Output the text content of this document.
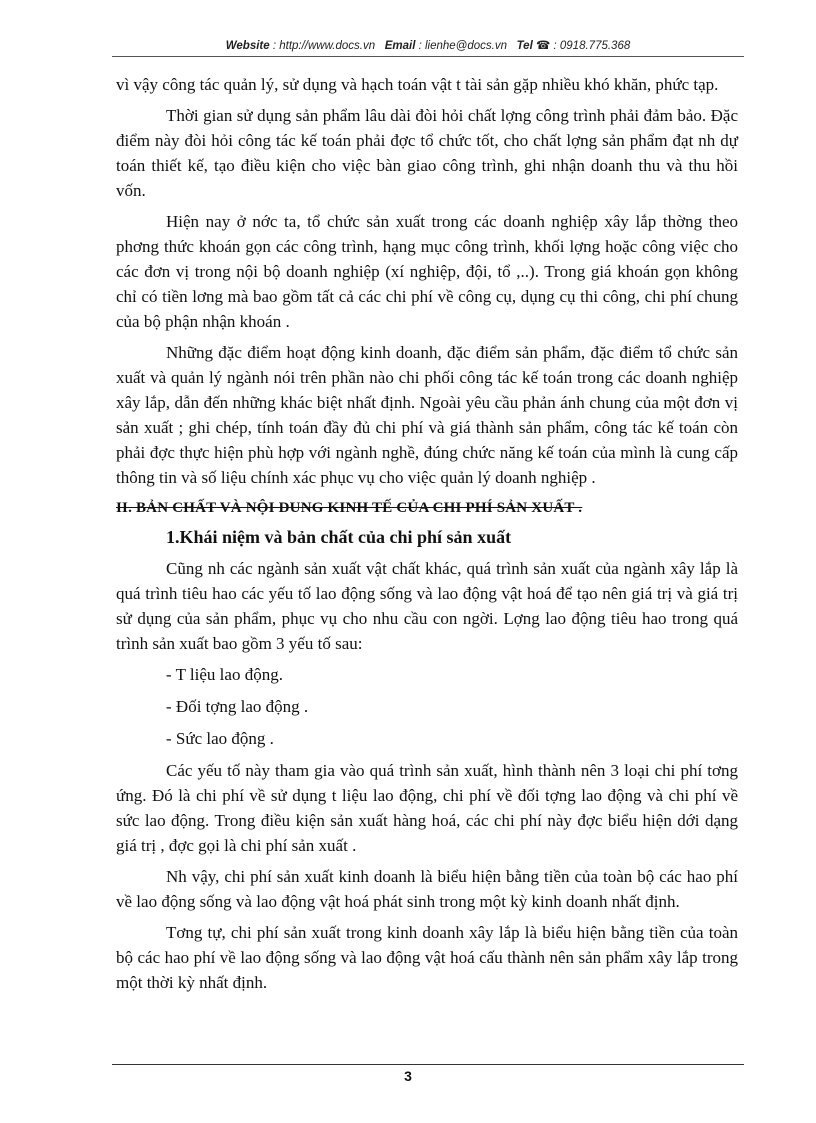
Website : http://www.docs.vn Email : lienhe@docs.vn Tel ☎ : 0918.775.368

vì vậy công tác quản lý, sử dụng và hạch toán vật t tài sản gặp nhiều khó khăn, phức tạp.

Thời gian sử dụng sản phẩm lâu dài đòi hỏi chất lợng công trình phải đảm bảo. Đặc điểm này đòi hỏi công tác kế toán phải đợc tổ chức tốt, cho chất lợng sản phẩm đạt nh dự toán thiết kế, tạo điều kiện cho việc bàn giao công trình, ghi nhận doanh thu và thu hồi vốn.

Hiện nay ở nớc ta, tổ chức sản xuất trong các doanh nghiệp xây lắp thờng theo phơng thức khoán gọn các công trình, hạng mục công trình, khối lợng hoặc công việc cho các đơn vị trong nội bộ doanh nghiệp (xí nghiệp, đội, tổ ,..). Trong giá khoán gọn không chỉ có tiền lơng mà bao gồm tất cả các chi phí về công cụ, dụng cụ thi công, chi phí chung của bộ phận nhận khoán .

Những đặc điểm hoạt động kinh doanh, đặc điểm sản phẩm, đặc điểm tổ chức sản xuất và quản lý ngành nói trên phần nào chi phối công tác kế toán trong các doanh nghiệp xây lắp, dẫn đến những khác biệt nhất định. Ngoài yêu cầu phản ánh chung của một đơn vị sản xuất ; ghi chép, tính toán đầy đủ chi phí và giá thành sản phẩm, công tác kế toán còn phải đợc thực hiện phù hợp với ngành nghề, đúng chức năng kế toán của mình là cung cấp thông tin và số liệu chính xác phục vụ cho việc quản lý doanh nghiệp .

II. BẢN CHẤT VÀ NỘI DUNG KINH TẾ CỦA CHI PHÍ SẢN XUẤT .

1.Khái niệm và bản chất của chi phí sản xuất

Cũng nh các ngành sản xuất vật chất khác, quá trình sản xuất của ngành xây lắp là quá trình tiêu hao các yếu tố lao động sống và lao động vật hoá để tạo nên giá trị và giá trị sử dụng của sản phẩm, phục vụ cho nhu cầu con ngời. Lợng lao động tiêu hao trong quá trình sản xuất bao gồm 3 yếu tố sau:

- T liệu lao động.

- Đối tợng lao động .

- Sức lao động .

Các yếu tố này tham gia vào quá trình sản xuất, hình thành nên 3 loại chi phí tơng ứng. Đó là chi phí về sử dụng t liệu lao động, chi phí về đối tợng lao động và chi phí về sức lao động. Trong điều kiện sản xuất hàng hoá, các chi phí này đợc biểu hiện dới dạng giá trị , đợc gọi là chi phí sản xuất .

Nh vậy, chi phí sản xuất kinh doanh là biểu hiện bằng tiền của toàn bộ các hao phí về lao động sống và lao động vật hoá phát sinh trong một kỳ kinh doanh nhất định.

Tơng tự, chi phí sản xuất trong kinh doanh xây lắp là biểu hiện bằng tiền của toàn bộ các hao phí về lao động sống và lao động vật hoá cấu thành nên sản phẩm xây lắp trong một thời kỳ nhất định.

3
